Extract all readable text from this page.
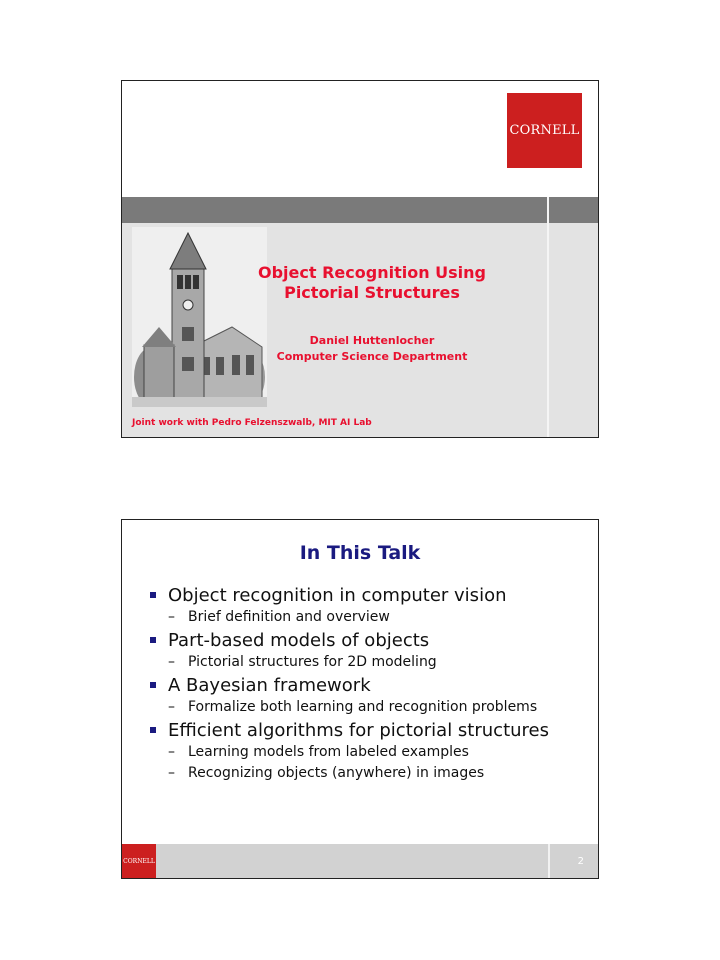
CORNELL
Object Recognition Using
Pictorial Structures
Daniel Huttenlocher
Computer Science Department
Joint work with Pedro Felzenszwalb, MIT AI Lab
In This Talk
Object recognition in computer vision
– Brief definition and overview
Part-based models of objects
– Pictorial structures for 2D modeling
A Bayesian framework
– Formalize both learning and recognition problems
Efficient algorithms for pictorial structures
– Learning models from labeled examples
– Recognizing objects (anywhere) in images
CORNELL	2
